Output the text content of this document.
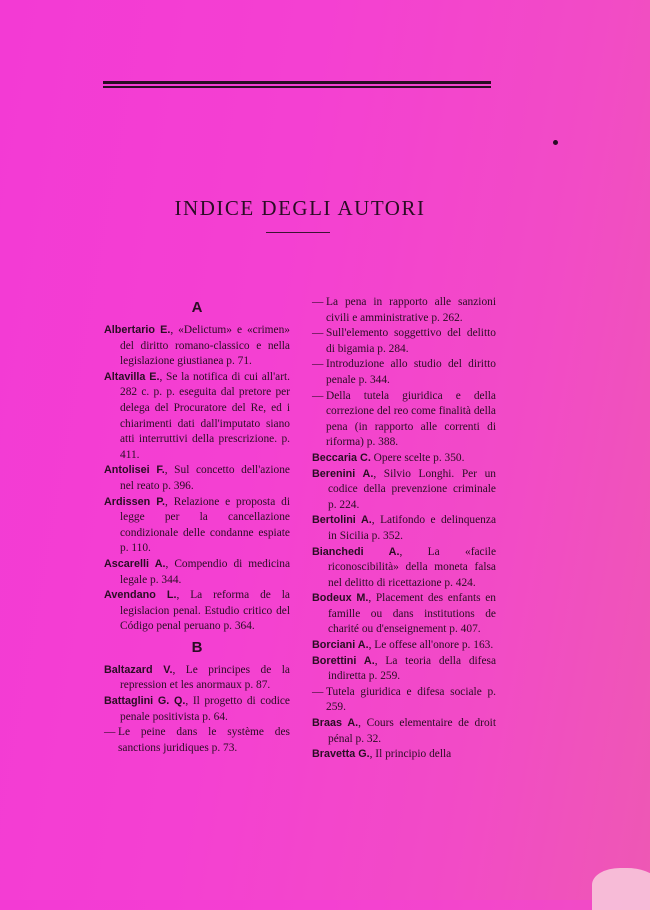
INDICE DEGLI AUTORI
A

Albertario E., «Delictum» e «crimen» del diritto romano-classico e nella legislazione giustianea p. 71.

Altavilla E., Se la notifica di cui all'art. 282 c. p. p. eseguita dal pretore per delega del Procuratore del Re, ed i chiarimenti dati dall'imputato siano atti interruttivi della prescrizione. p. 411.

Antolisei F., Sul concetto dell'azione nel reato p. 396.

Ardissen P., Relazione e proposta di legge per la cancellazione condizionale delle condanne espiate p. 110.

Ascarelli A., Compendio di medicina legale p. 344.

Avendano L., La reforma de la legislacion penal. Estudio critico del Código penal peruano p. 364.

B

Baltazard V., Le principes de la repression et les anormaux p. 87.

Battaglini G. Q., Il progetto di codice penale positivista p. 64.

— Le peine dans le système des sanctions juridiques p. 73.

— La pena in rapporto alle sanzioni civili e amministrative p. 262.

— Sull'elemento soggettivo del delitto di bigamia p. 284.

— Introduzione allo studio del diritto penale p. 344.

— Della tutela giuridica e della correzione del reo come finalità della pena (in rapporto alle correnti di riforma) p. 388.

Beccaria C. Opere scelte p. 350.

Berenini A., Silvio Longhi. Per un codice della prevenzione criminale p. 224.

Bertolini A., Latifondo e delinquenza in Sicilia p. 352.

Bianchedi A., La «facile riconoscibilità» della moneta falsa nel delitto di ricettazione p. 424.

Bodeux M., Placement des enfants en famille ou dans institutions de charité ou d'enseignement p. 407.

Borciani A., Le offese all'onore p. 163.

Borettini A., La teoria della difesa indiretta p. 259.

— Tutela giuridica e difesa sociale p. 259.

Braas A., Cours elementaire de droit pénal p. 32.

Bravetta G., Il principio della
